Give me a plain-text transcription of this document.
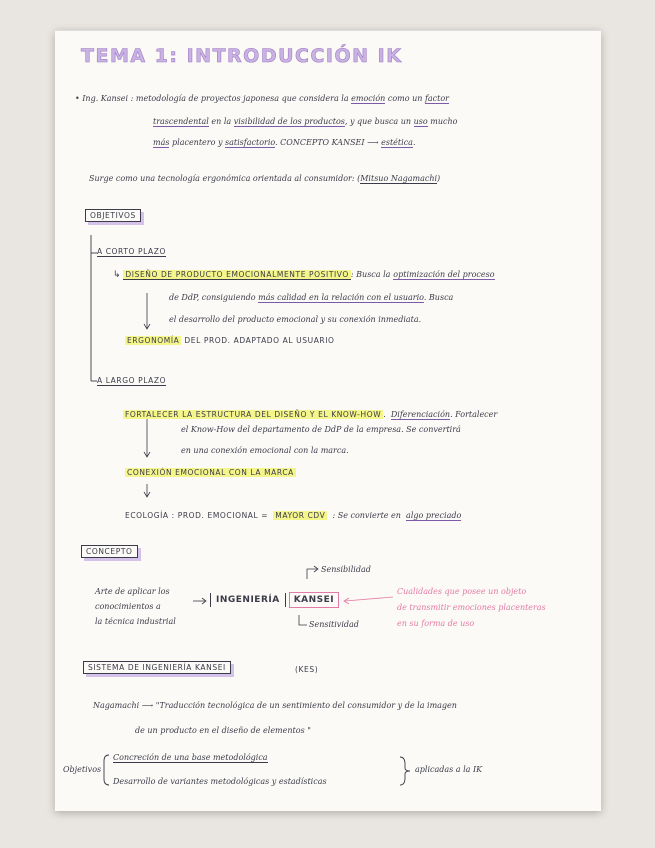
TEMA 1: INTRODUCCIÓN IK
• Ing. Kansei : metodología de proyectos japonesa que considera la emoción como un factor
trascendental en la visibilidad de los productos, y que busca un uso mucho
más placentero y satisfactorio. CONCEPTO KANSEI ⟶ estética.
Surge como una tecnología ergonómica orientada al consumidor: (Mitsuo Nagamachi)
OBJETIVOS
A CORTO PLAZO
↳ DISEÑO DE PRODUCTO EMOCIONALMENTE POSITIVO : Busca la optimización del proceso
de DdP, consiguiendo más calidad en la relación con el usuario. Busca
el desarrollo del producto emocional y su conexión inmediata.
ERGONOMÍA DEL PROD. ADAPTADO AL USUARIO
A LARGO PLAZO
FORTALECER LA ESTRUCTURA DEL DISEÑO Y EL KNOW-HOW . Diferenciación. Fortalecer
el Know-How del departamento de DdP de la empresa. Se convertirá
en una conexión emocional con la marca.
CONEXIÓN EMOCIONAL CON LA MARCA
ECOLOGÍA : PROD. EMOCIONAL = MAYOR CDV : Se convierte en algo preciado
CONCEPTO
Arte de aplicar los
conocimientos a
la técnica industrial
INGENIERÍA	KANSEI
Sensibilidad
Sensitividad
Cualidades que posee un objeto
de transmitir emociones placenteras
en su forma de uso
SISTEMA DE INGENIERÍA KANSEI	(KES)
Nagamachi ⟶ "Traducción tecnológica de un sentimiento del consumidor y de la imagen
de un producto en el diseño de elementos "
Objetivos
Concreción de una base metodológica
Desarrollo de variantes metodológicas y estadísticas
aplicadas a la IK
